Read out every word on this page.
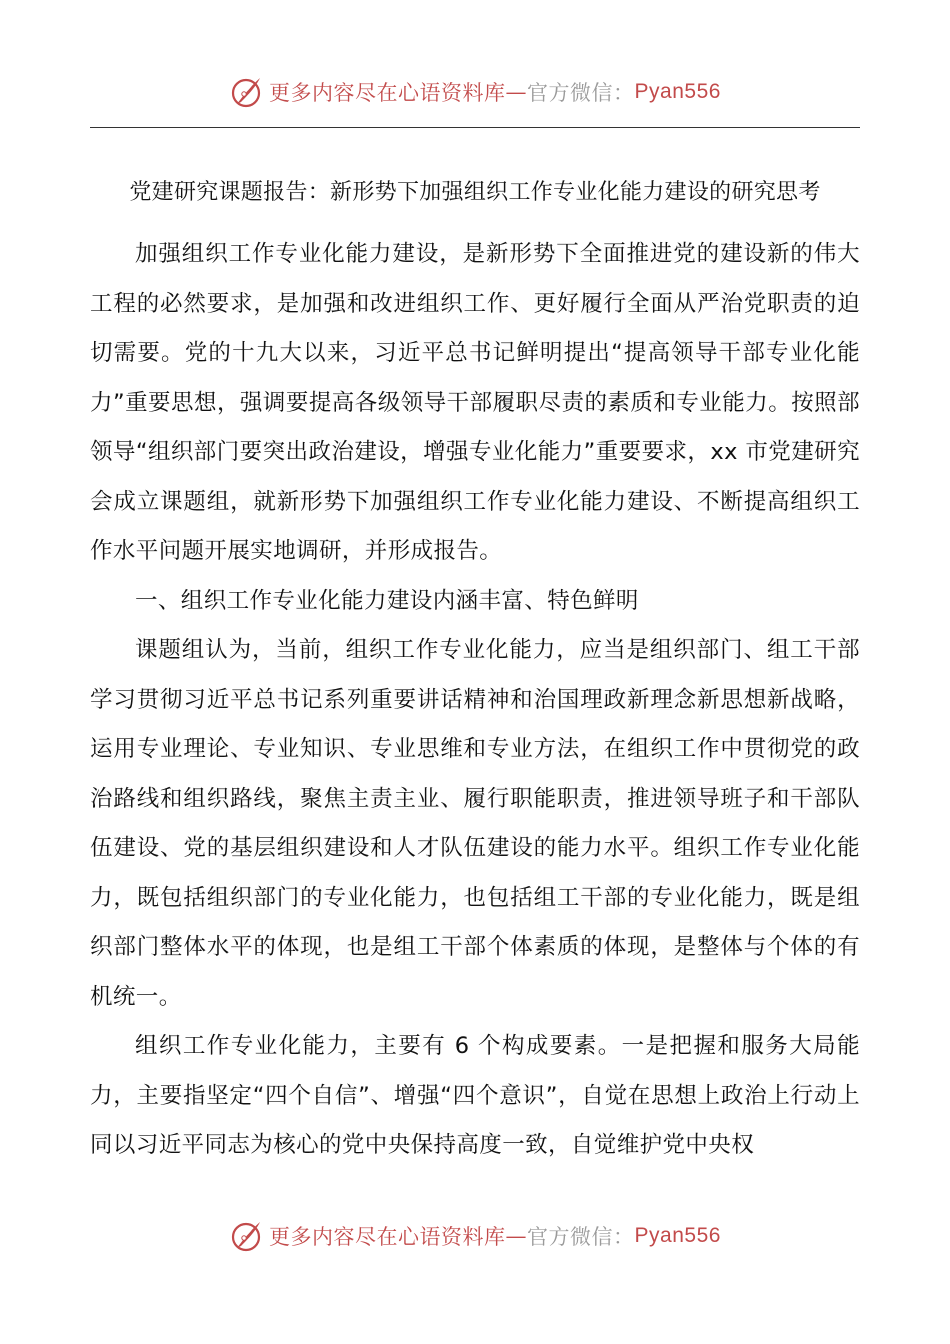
更多内容尽在心语资料库 — 官方微信： Pyan556
党建研究课题报告：新形势下加强组织工作专业化能力建设的研究思考

加强组织工作专业化能力建设，是新形势下全面推进党的建设新的伟大工程的必然要求，是加强和改进组织工作、更好履行全面从严治党职责的迫切需要。党的十九大以来，习近平总书记鲜明提出“提高领导干部专业化能力”重要思想，强调要提高各级领导干部履职尽责的素质和专业能力。按照部领导“组织部门要突出政治建设，增强专业化能力”重要要求，xx 市党建研究会成立课题组，就新形势下加强组织工作专业化能力建设、不断提高组织工作水平问题开展实地调研，并形成报告。

一、组织工作专业化能力建设内涵丰富、特色鲜明

课题组认为，当前，组织工作专业化能力，应当是组织部门、组工干部学习贯彻习近平总书记系列重要讲话精神和治国理政新理念新思想新战略，运用专业理论、专业知识、专业思维和专业方法，在组织工作中贯彻党的政治路线和组织路线，聚焦主责主业、履行职能职责，推进领导班子和干部队伍建设、党的基层组织建设和人才队伍建设的能力水平。组织工作专业化能力，既包括组织部门的专业化能力，也包括组工干部的专业化能力，既是组织部门整体水平的体现，也是组工干部个体素质的体现，是整体与个体的有机统一。

组织工作专业化能力，主要有 6 个构成要素。一是把握和服务大局能力，主要指坚定“四个自信”、增强“四个意识”，自觉在思想上政治上行动上同以习近平同志为核心的党中央保持高度一致，自觉维护党中央权

更多内容尽在心语资料库 — 官方微信： Pyan556
